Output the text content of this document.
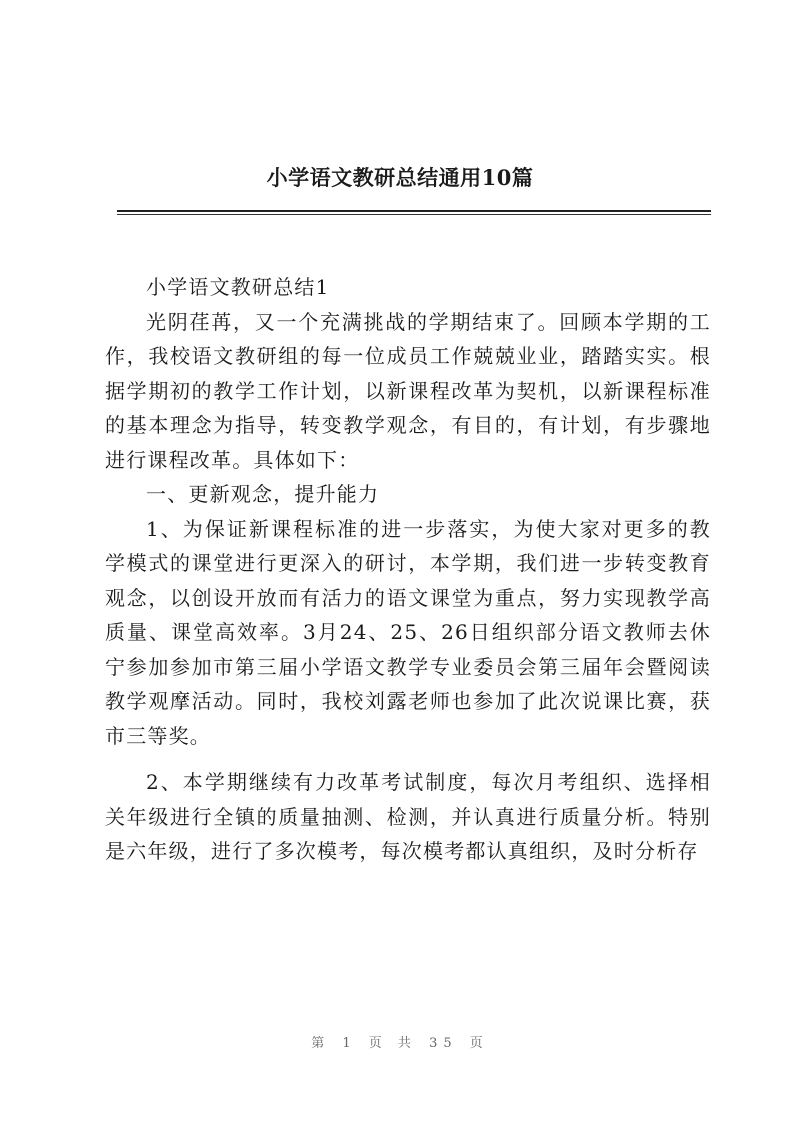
小学语文教研总结通用10篇

小学语文教研总结1

光阴荏苒，又一个充满挑战的学期结束了。回顾本学期的工作，我校语文教研组的每一位成员工作兢兢业业，踏踏实实。根据学期初的教学工作计划，以新课程改革为契机，以新课程标准的基本理念为指导，转变教学观念，有目的，有计划，有步骤地进行课程改革。具体如下：

一、更新观念，提升能力

1、为保证新课程标准的进一步落实，为使大家对更多的教学模式的课堂进行更深入的研讨，本学期，我们进一步转变教育观念，以创设开放而有活力的语文课堂为重点，努力实现教学高质量、课堂高效率。3月24、25、26日组织部分语文教师去休宁参加参加市第三届小学语文教学专业委员会第三届年会暨阅读教学观摩活动。同时，我校刘露老师也参加了此次说课比赛，获市三等奖。

2、本学期继续有力改革考试制度，每次月考组织、选择相关年级进行全镇的质量抽测、检测，并认真进行质量分析。特别是六年级，进行了多次模考，每次模考都认真组织，及时分析存

第 1 页 共 35 页
